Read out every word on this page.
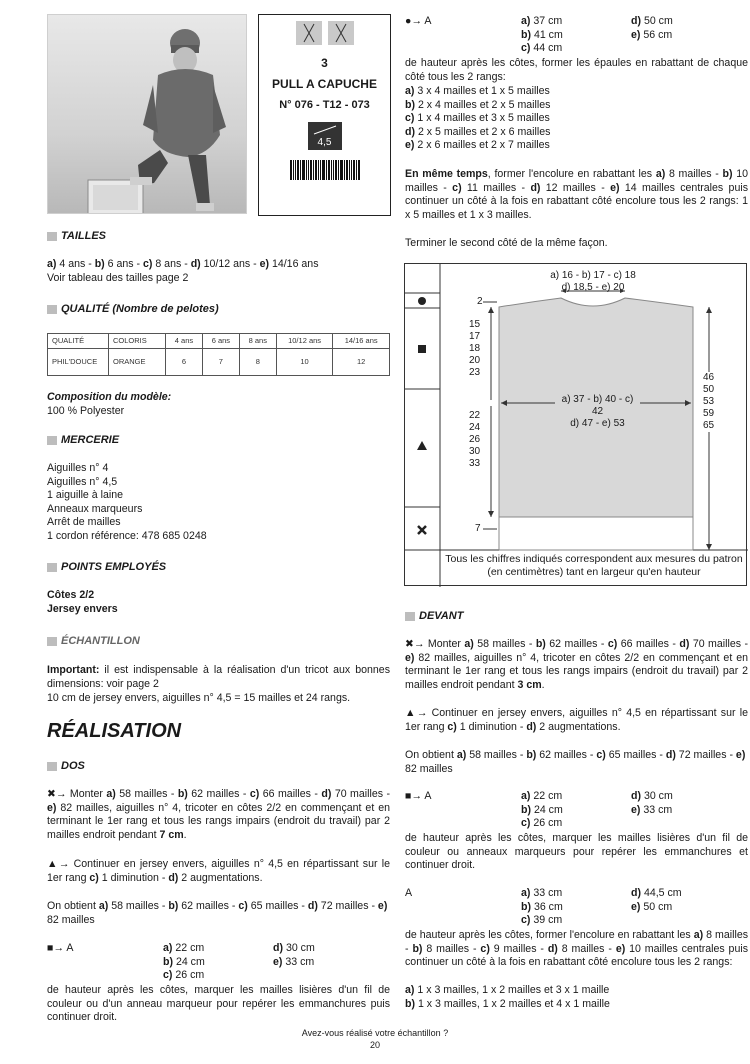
3
PULL A CAPUCHE
N° 076 - T12 - 073
4,5
TAILLES
a) 4 ans - b) 6 ans - c) 8 ans - d) 10/12 ans - e) 14/16 ans
Voir tableau des tailles page 2
QUALITÉ (Nombre de pelotes)
QUALITÉ	COLORIS	4 ans	6 ans	8 ans	10/12 ans	14/16 ans
PHIL'DOUCE	ORANGE	6	7	8	10	12
Composition du modèle:
100 % Polyester
MERCERIE
Aiguilles n° 4
Aiguilles n° 4,5
1 aiguille à laine
Anneaux marqueurs
Arrêt de mailles
1 cordon référence: 478 685 0248
POINTS EMPLOYÉS
Côtes 2/2
Jersey envers
ÉCHANTILLON
Important: il est indispensable à la réalisation d'un tricot aux bonnes dimensions: voir page 2
10 cm de jersey envers, aiguilles n° 4,5 = 15 mailles et 24 rangs.
RÉALISATION
DOS
✖→ Monter a) 58 mailles - b) 62 mailles - c) 66 mailles - d) 70 mailles - e) 82 mailles, aiguilles n° 4, tricoter en côtes 2/2 en commençant et en terminant le 1er rang et tous les rangs impairs (endroit du travail) par 2 mailles endroit pendant 7 cm.
▲→ Continuer en jersey envers, aiguilles n° 4,5 en répartissant sur le 1er rang c) 1 diminution - d) 2 augmentations.
On obtient a) 58 mailles - b) 62 mailles - c) 65 mailles - d) 72 mailles - e) 82 mailles
■→ A	a) 22 cm	d) 30 cm
b) 24 cm	e) 33 cm
c) 26 cm
de hauteur après les côtes, marquer les mailles lisières d'un fil de couleur ou d'un anneau marqueur pour repérer les emmanchures puis continuer droit.
●→ A	a) 37 cm	d) 50 cm
b) 41 cm	e) 56 cm
c) 44 cm
de hauteur après les côtes, former les épaules en rabattant de chaque côté tous les 2 rangs:
a) 3 x 4 mailles et 1 x 5 mailles
b) 2 x 4 mailles et 2 x 5 mailles
c) 1 x 4 mailles et 3 x 5 mailles
d) 2 x 5 mailles et 2 x 6 mailles
e) 2 x 6 mailles et 2 x 7 mailles
En même temps, former l'encolure en rabattant les a) 8 mailles - b) 10 mailles - c) 11 mailles - d) 12 mailles - e) 14 mailles centrales puis continuer un côté à la fois en rabattant côté encolure tous les 2 rangs: 1 x 5 mailles et 1 x 3 mailles.
Terminer le second côté de la même façon.
a) 16 - b) 17 - c) 18
d) 18,5 - e) 20
2
15
17
18
20
23
a) 37 - b) 40 - c) 42
d) 47 - e) 53
46
50
53
59
65
22
24
26
30
33
7
Tous les chiffres indiqués correspondent aux mesures du patron (en centimètres) tant en largeur qu'en hauteur
DEVANT
✖→ Monter a) 58 mailles - b) 62 mailles - c) 66 mailles - d) 70 mailles - e) 82 mailles, aiguilles n° 4, tricoter en côtes 2/2 en commençant et en terminant le 1er rang et tous les rangs impairs (endroit du travail) par 2 mailles endroit pendant 3 cm.
▲→ Continuer en jersey envers, aiguilles n° 4,5 en répartissant sur le 1er rang c) 1 diminution - d) 2 augmentations.
On obtient a) 58 mailles - b) 62 mailles - c) 65 mailles - d) 72 mailles - e) 82 mailles
■→ A	a) 22 cm	d) 30 cm
b) 24 cm	e) 33 cm
c) 26 cm
de hauteur après les côtes, marquer les mailles lisières d'un fil de couleur ou anneaux marqueurs pour repérer les emmanchures et continuer droit.
A	a) 33 cm	d) 44,5 cm
b) 36 cm	e) 50 cm
c) 39 cm
de hauteur après les côtes, former l'encolure en rabattant les a) 8 mailles - b) 8 mailles - c) 9 mailles - d) 8 mailles - e) 10 mailles centrales puis continuer un côté à la fois en rabattant côté encolure tous les 2 rangs:
a) 1 x 3 mailles, 1 x 2 mailles et 3 x 1 maille
b) 1 x 3 mailles, 1 x 2 mailles et 4 x 1 maille
Avez-vous réalisé votre échantillon ?
20
